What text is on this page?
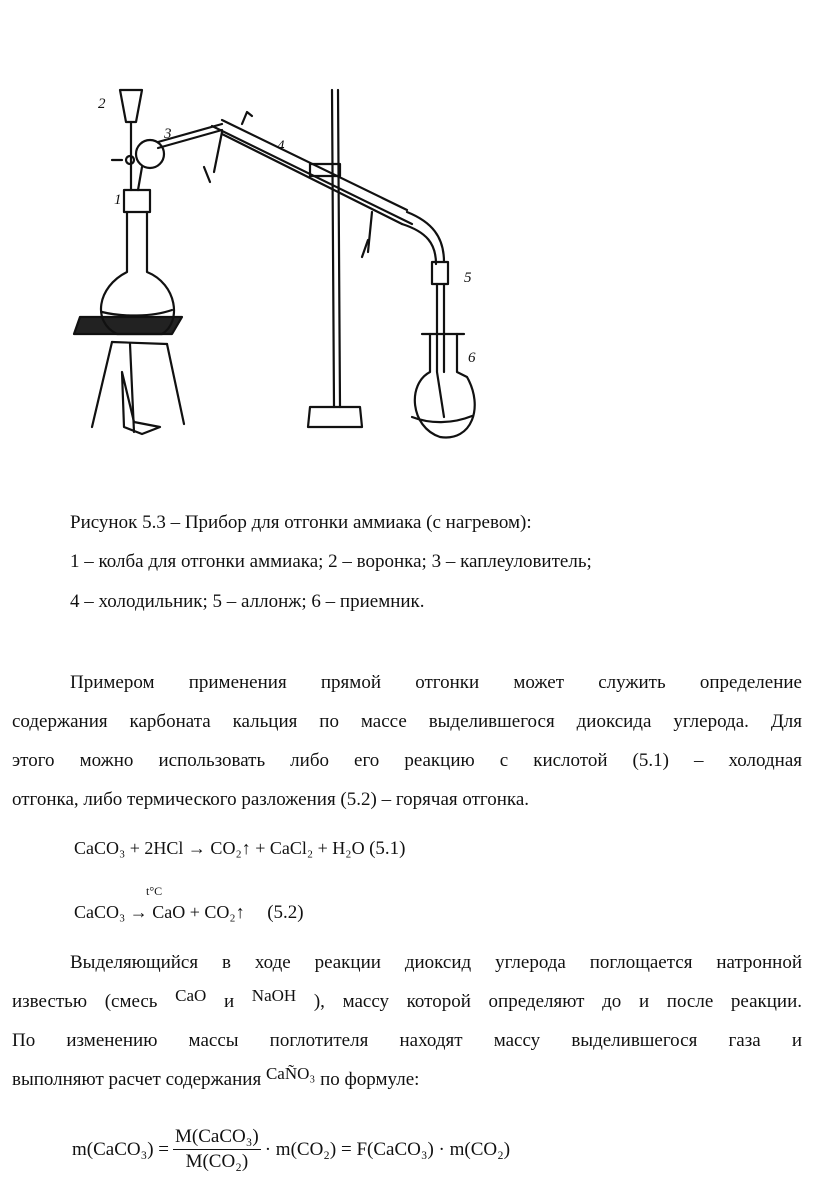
1
2
3
4
5
6
Рисунок 5.3 – Прибор для отгонки аммиака (с нагревом):
1 – колба для отгонки аммиака; 2 – воронка; 3 – каплеуловитель;
4 – холодильник; 5 – аллонж; 6 – приемник.
Примером применения прямой отгонки может служить определение
содержания карбоната кальция по массе выделившегося диоксида углерода. Для
этого можно использовать либо его реакцию с кислотой (5.1) – холодная
отгонка, либо термического разложения (5.2) – горячая отгонка.
CaCO₃ + 2HCl → CO₂↑ + CaCl₂ + H₂O (5.1)
t°C
CaCO₃ → CaO + CO₂↑ (5.2)
Выделяющийся в ходе реакции диоксид углерода поглощается натронной
известью (смесь CaO и NaOH ), массу которой определяют до и после реакции.
По изменению массы поглотителя находят массу выделившегося газа и
выполняют расчет содержания CaÑO₃ по формуле:
m(CaCO₃) = $\frac{\text{M(CaCO₃)}}{\text{M(CO₂)}} \cdot m(CO_2)$ = F(CaCO₃) · m(CO₂)
